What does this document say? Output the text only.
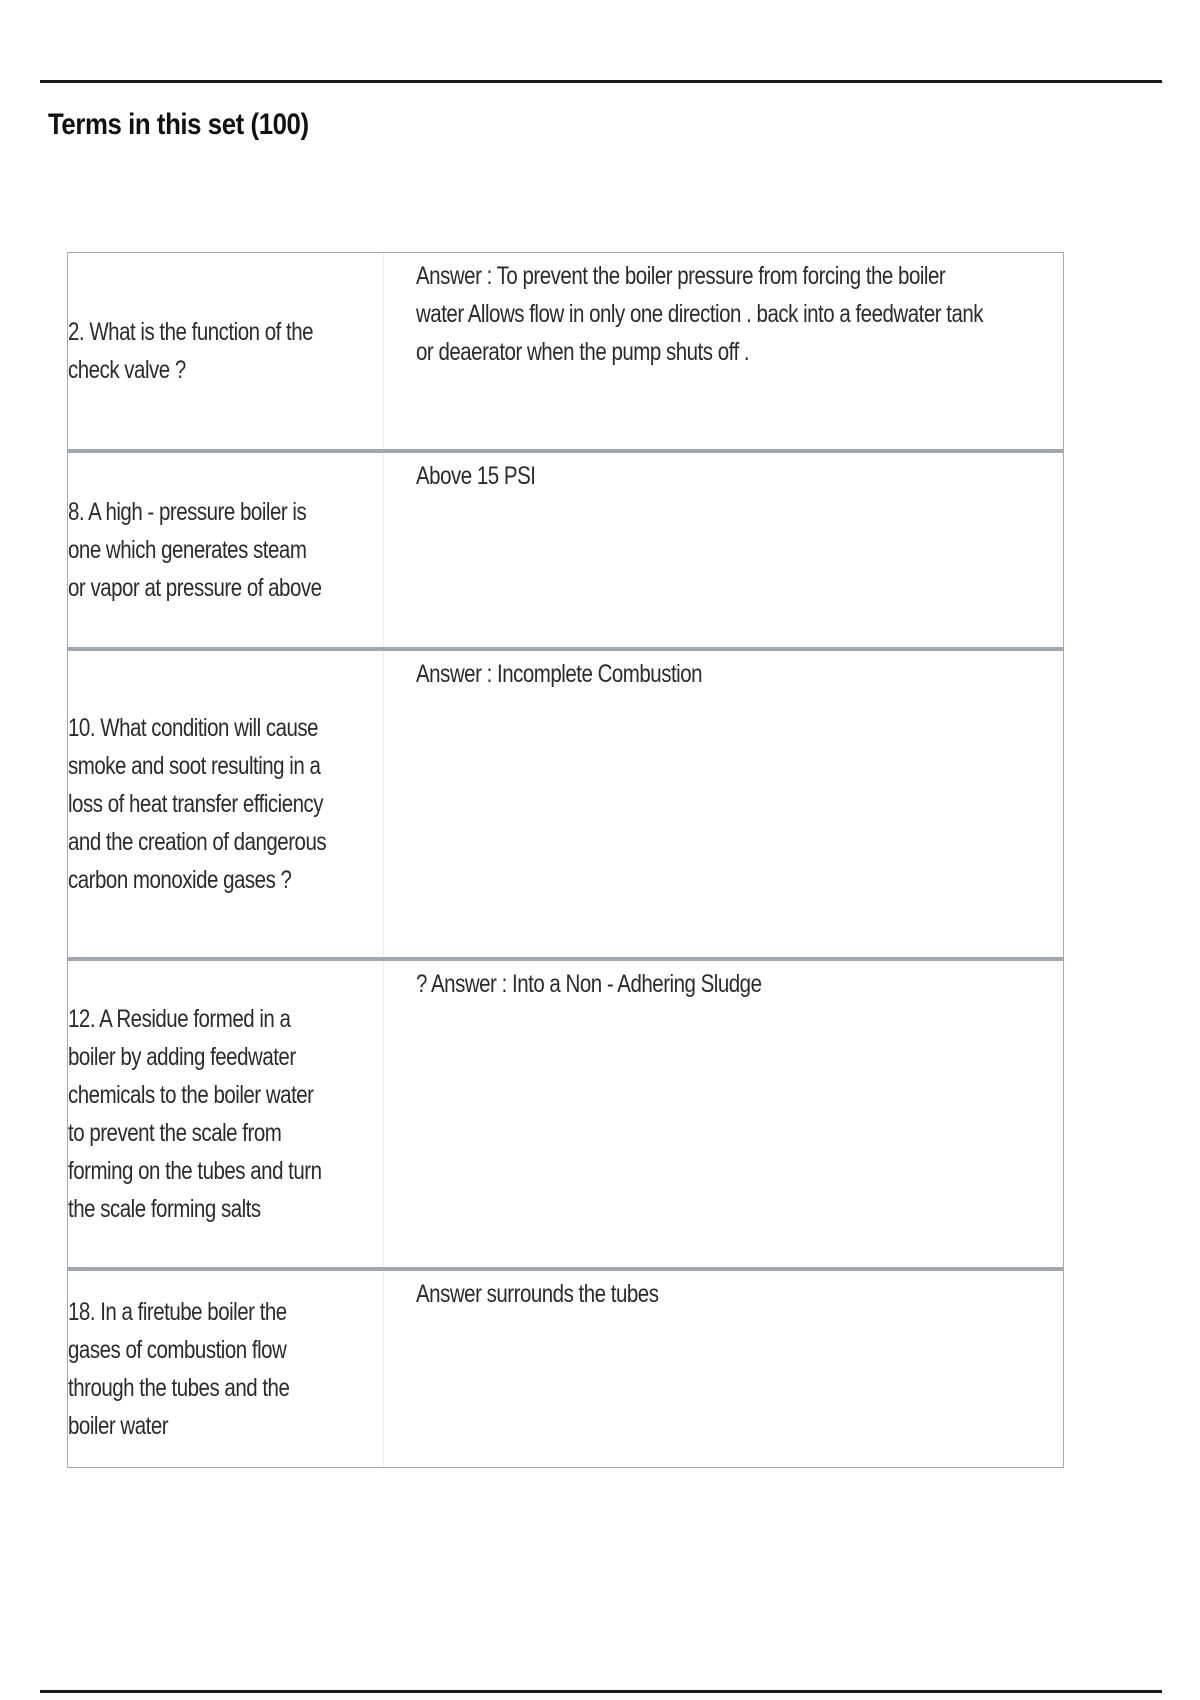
Terms in this set (100)
2. What is the function of the check valve ?
Answer : To prevent the boiler pressure from forcing the boiler water Allows flow in only one direction . back into a feedwater tank or deaerator when the pump shuts off .
8. A high - pressure boiler is one which generates steam or vapor at pressure of above
Above 15 PSI
10. What condition will cause smoke and soot resulting in a loss of heat transfer efficiency and the creation of dangerous carbon monoxide gases ?
Answer : Incomplete Combustion
12. A Residue formed in a boiler by adding feedwater chemicals to the boiler water to prevent the scale from forming on the tubes and turn the scale forming salts
? Answer : Into a Non - Adhering Sludge
18. In a firetube boiler the gases of combustion flow through the tubes and the boiler water
Answer surrounds the tubes
